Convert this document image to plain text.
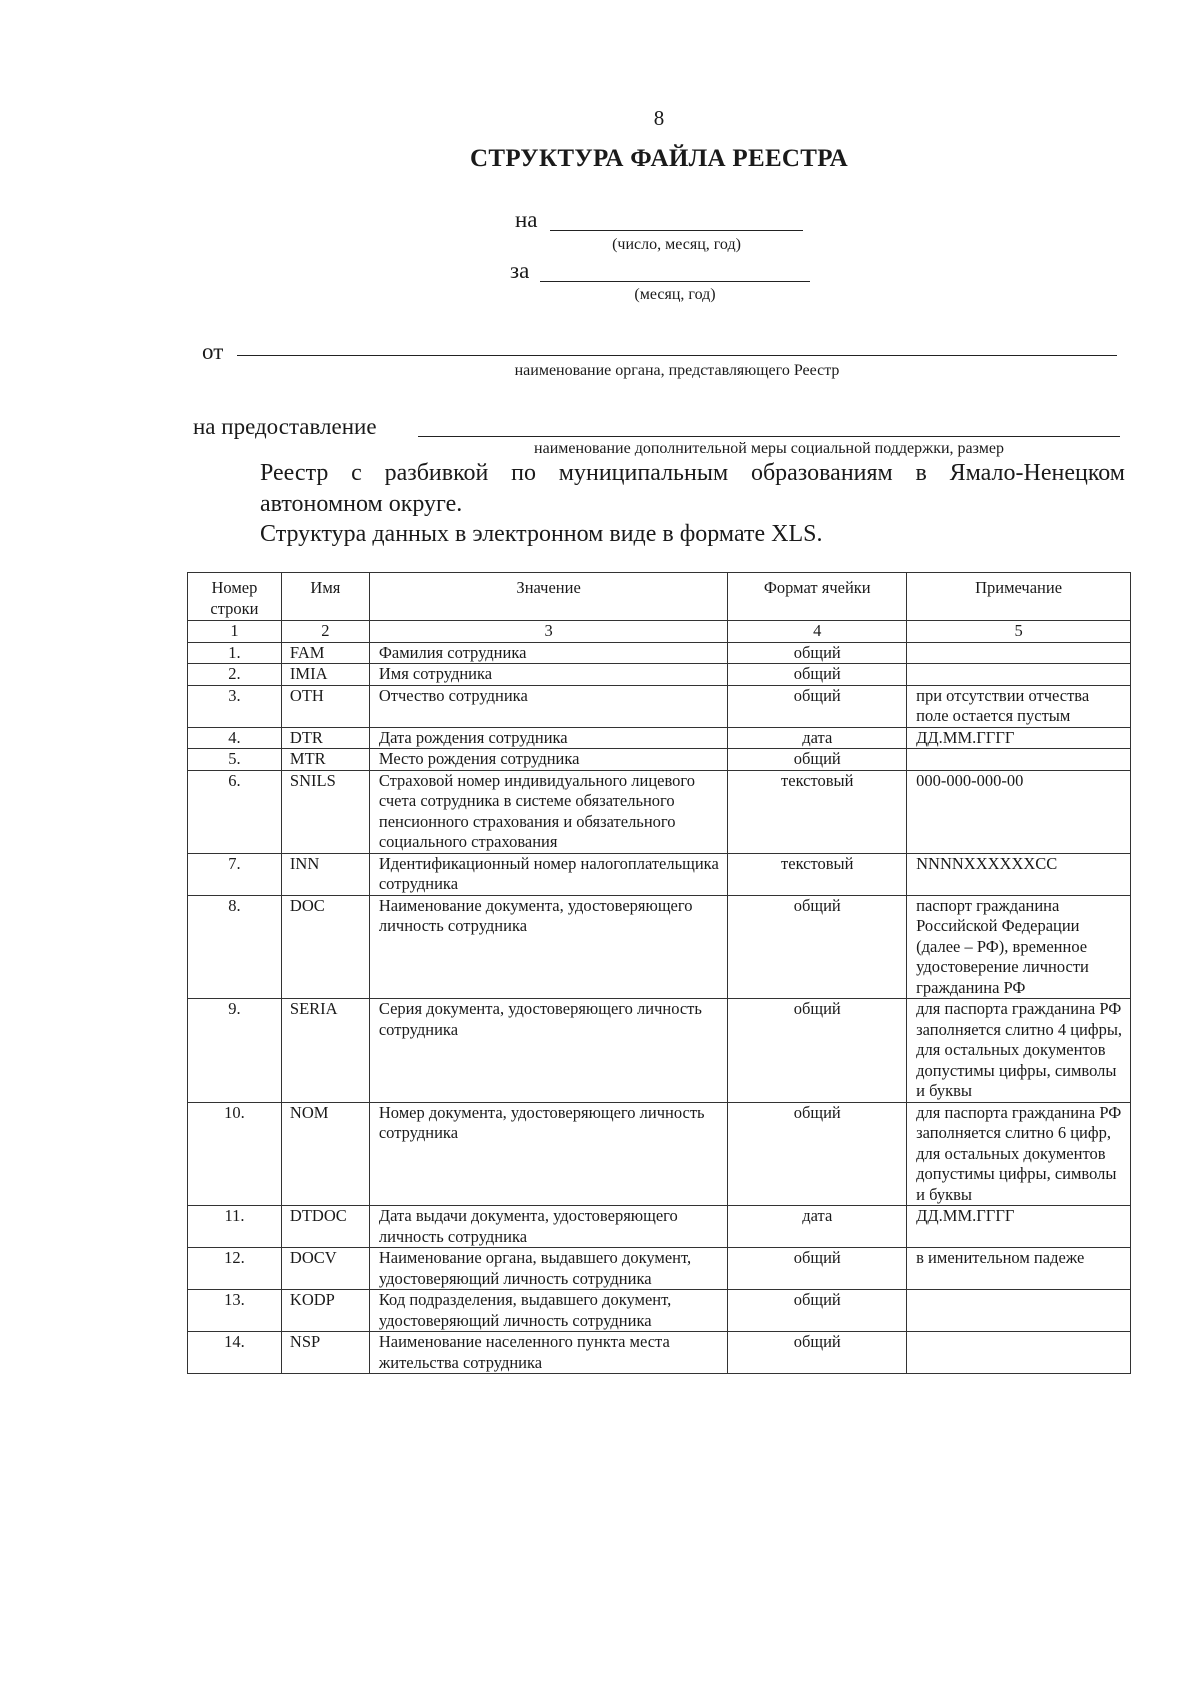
8
СТРУКТУРА ФАЙЛА РЕЕСТРА
на
(число, месяц, год)
за
(месяц, год)
от
наименование органа, представляющего Реестр
на предоставление
наименование дополнительной меры социальной поддержки, размер
Реестр с разбивкой по муниципальным образованиям в Ямало-Ненецком автономном округе.
Структура данных в электронном виде в формате XLS.
Номер строки	Имя	Значение	Формат ячейки	Примечание
1	2	3	4	5
1.	FAM	Фамилия сотрудника	общий	
2.	IMIA	Имя сотрудника	общий	
3.	OTH	Отчество сотрудника	общий	при отсутствии отчества поле остается пустым
4.	DTR	Дата рождения сотрудника	дата	ДД.ММ.ГГГГ
5.	MTR	Место рождения сотрудника	общий	
6.	SNILS	Страховой номер индивидуального лицевого счета сотрудника в системе обязательного пенсионного страхования и обязательного социального страхования	текстовый	000-000-000-00
7.	INN	Идентификационный номер налогоплательщика сотрудника	текстовый	NNNNXXXXXXCC
8.	DOC	Наименование документа, удостоверяющего личность сотрудника	общий	паспорт гражданина Российской Федерации (далее – РФ), временное удостоверение личности гражданина РФ
9.	SERIA	Серия документа, удостоверяющего личность сотрудника	общий	для паспорта гражданина РФ заполняется слитно 4 цифры, для остальных документов допустимы цифры, символы и буквы
10.	NOM	Номер документа, удостоверяющего личность сотрудника	общий	для паспорта гражданина РФ заполняется слитно 6 цифр, для остальных документов допустимы цифры, символы и буквы
11.	DTDOC	Дата выдачи документа, удостоверяющего личность сотрудника	дата	ДД.ММ.ГГГГ
12.	DOCV	Наименование органа, выдавшего документ, удостоверяющий личность сотрудника	общий	в именительном падеже
13.	KODP	Код подразделения, выдавшего документ, удостоверяющий личность сотрудника	общий	
14.	NSP	Наименование населенного пункта места жительства сотрудника	общий	
